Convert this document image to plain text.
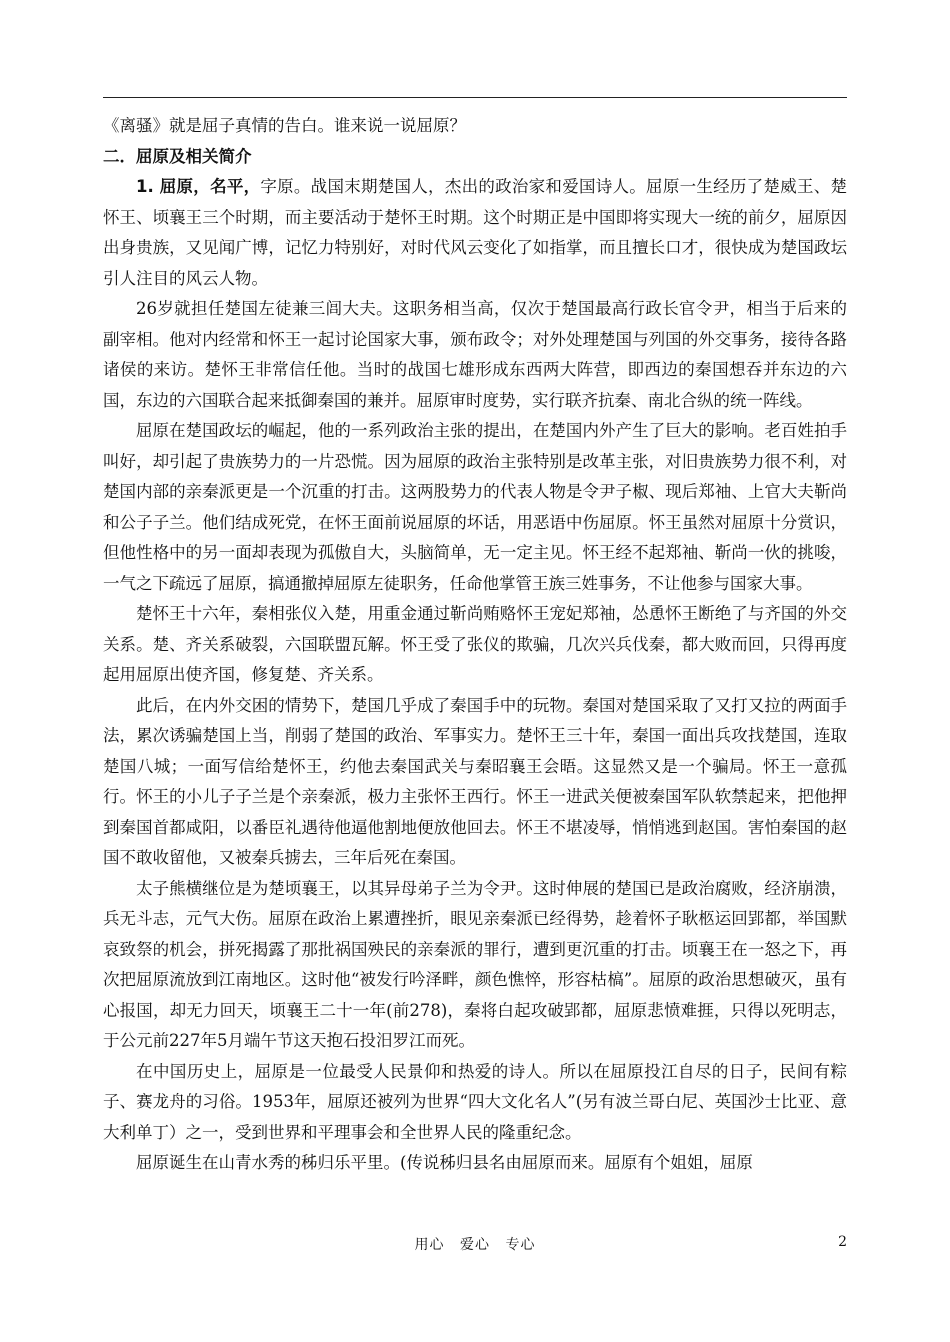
《离骚》就是屈子真情的告白。谁来说一说屈原？

二．屈原及相关简介

1. 屈原，名平，字原。战国末期楚国人，杰出的政治家和爱国诗人。屈原一生经历了楚威王、楚怀王、顷襄王三个时期，而主要活动于楚怀王时期。这个时期正是中国即将实现大一统的前夕，屈原因出身贵族，又见闻广博，记忆力特别好，对时代风云变化了如指掌，而且擅长口才，很快成为楚国政坛引人注目的风云人物。

26岁就担任楚国左徒兼三闾大夫。这职务相当高，仅次于楚国最高行政长官令尹，相当于后来的副宰相。他对内经常和怀王一起讨论国家大事，颁布政令；对外处理楚国与列国的外交事务，接待各路诸侯的来访。楚怀王非常信任他。当时的战国七雄形成东西两大阵营，即西边的秦国想吞并东边的六国，东边的六国联合起来抵御秦国的兼并。屈原审时度势，实行联齐抗秦、南北合纵的统一阵线。

屈原在楚国政坛的崛起，他的一系列政治主张的提出，在楚国内外产生了巨大的影响。老百姓拍手叫好，却引起了贵族势力的一片恐慌。因为屈原的政治主张特别是改革主张，对旧贵族势力很不利，对楚国内部的亲秦派更是一个沉重的打击。这两股势力的代表人物是令尹子椒、现后郑袖、上官大夫靳尚和公子子兰。他们结成死党，在怀王面前说屈原的坏话，用恶语中伤屈原。怀王虽然对屈原十分赏识，但他性格中的另一面却表现为孤傲自大，头脑简单，无一定主见。怀王经不起郑袖、靳尚一伙的挑唆，一气之下疏远了屈原，搞通撤掉屈原左徒职务，任命他掌管王族三姓事务，不让他参与国家大事。

楚怀王十六年，秦相张仪入楚，用重金通过靳尚贿赂怀王宠妃郑袖，怂恿怀王断绝了与齐国的外交关系。楚、齐关系破裂，六国联盟瓦解。怀王受了张仪的欺骗，几次兴兵伐秦，都大败而回，只得再度起用屈原出使齐国，修复楚、齐关系。

此后，在内外交困的情势下，楚国几乎成了秦国手中的玩物。秦国对楚国采取了又打又拉的两面手法，累次诱骗楚国上当，削弱了楚国的政治、军事实力。楚怀王三十年，秦国一面出兵攻找楚国，连取楚国八城；一面写信给楚怀王，约他去秦国武关与秦昭襄王会晤。这显然又是一个骗局。怀王一意孤行。怀王的小儿子子兰是个亲秦派，极力主张怀王西行。怀王一进武关便被秦国军队软禁起来，把他押到秦国首都咸阳，以番臣礼遇待他逼他割地便放他回去。怀王不堪凌辱，悄悄逃到赵国。害怕秦国的赵国不敢收留他，又被秦兵掳去，三年后死在秦国。

太子熊横继位是为楚顷襄王，以其异母弟子兰为令尹。这时伸展的楚国已是政治腐败，经济崩溃，兵无斗志，元气大伤。屈原在政治上累遭挫折，眼见亲秦派已经得势，趁着怀子耿柩运回郢都，举国默哀致祭的机会，拼死揭露了那批祸国殃民的亲秦派的罪行，遭到更沉重的打击。顷襄王在一怒之下，再次把屈原流放到江南地区。这时他“被发行吟泽畔，颜色憔悴，形容枯槁”。屈原的政治思想破灭，虽有心报国，却无力回天，顷襄王二十一年(前278)，秦将白起攻破郢都，屈原悲愤难捱，只得以死明志，于公元前227年5月端午节这天抱石投汨罗江而死。

在中国历史上，屈原是一位最受人民景仰和热爱的诗人。所以在屈原投江自尽的日子，民间有粽子、赛龙舟的习俗。1953年，屈原还被列为世界“四大文化名人”(另有波兰哥白尼、英国沙士比亚、意大利单丁）之一，受到世界和平理事会和全世界人民的隆重纪念。

屈原诞生在山青水秀的秭归乐平里。(传说秭归县名由屈原而来。屈原有个姐姐，屈原

用心 爱心 专心	2
